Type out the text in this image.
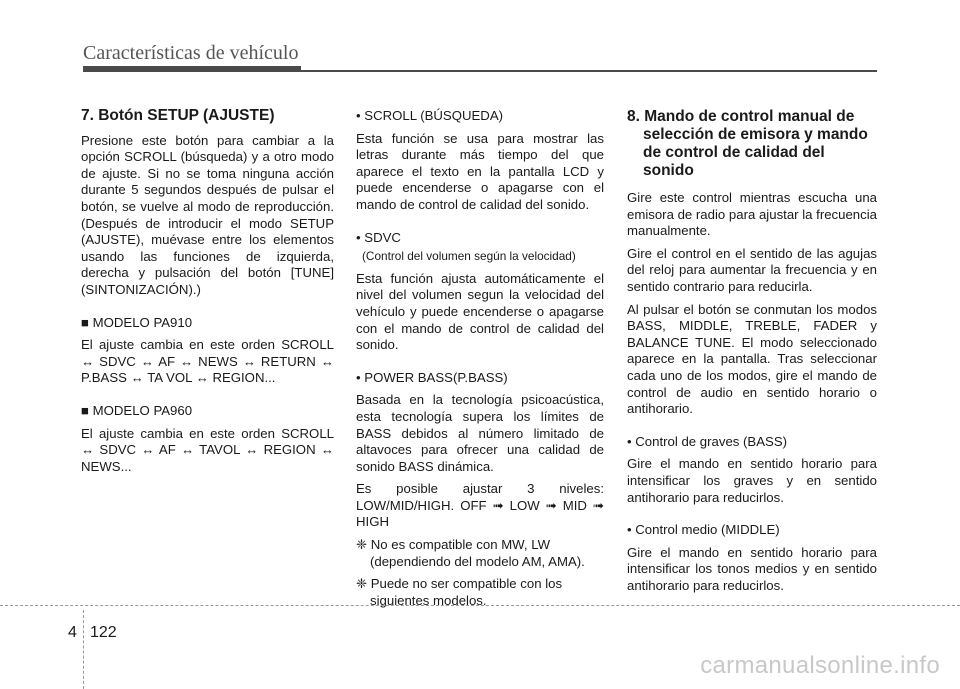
Características de vehículo
7. Botón SETUP (AJUSTE)

Presione este botón para cambiar a la opción SCROLL (búsqueda) y a otro modo de ajuste. Si no se toma ninguna acción durante 5 segundos después de pulsar el botón, se vuelve al modo de reproducción. (Después de introducir el modo SETUP (AJUSTE), muévase entre los elementos usando las funciones de izquierda, derecha y pulsación del botón [TUNE] (SINTONIZACIÓN).)

■ MODELO PA910

El ajuste cambia en este orden SCROLL ↔ SDVC ↔ AF ↔ NEWS ↔ RETURN ↔ P.BASS ↔ TA VOL ↔ REGION...

■ MODELO PA960

El ajuste cambia en este orden SCROLL ↔ SDVC ↔ AF ↔ TAVOL ↔ REGION ↔ NEWS...

• SCROLL (BÚSQUEDA)

Esta función se usa para mostrar las letras durante más tiempo del que aparece el texto en la pantalla LCD y puede encenderse o apagarse con el mando de control de calidad del sonido.

• SDVC
(Control del volumen según la velocidad)

Esta función ajusta automáticamente el nivel del volumen segun la velocidad del vehículo y puede encenderse o apagarse con el mando de control de calidad del sonido.

• POWER BASS(P.BASS)

Basada en la tecnología psicoacústica, esta tecnología supera los límites de BASS debidos al número limitado de altavoces para ofrecer una calidad de sonido BASS dinámica.

Es posible ajustar 3 niveles: LOW/MID/HIGH. OFF ➟ LOW ➟ MID ➟ HIGH

❈ No es compatible con MW, LW (dependiendo del modelo AM, AMA).

❈ Puede no ser compatible con los siguientes modelos.

8. Mando de control manual de selección de emisora y mando de control de calidad del sonido

Gire este control mientras escucha una emisora de radio para ajustar la frecuencia manualmente.

Gire el control en el sentido de las agujas del reloj para aumentar la frecuencia y en sentido contrario para reducirla.

Al pulsar el botón se conmutan los modos BASS, MIDDLE, TREBLE, FADER y BALANCE TUNE. El modo seleccionado aparece en la pantalla. Tras seleccionar cada uno de los modos, gire el mando de control de audio en sentido horario o antihorario.

• Control de graves (BASS)

Gire el mando en sentido horario para intensificar los graves y en sentido antihorario para reducirlos.

• Control medio (MIDDLE)

Gire el mando en sentido horario para intensificar los tonos medios y en sentido antihorario para reducirlos.

4 122
carmanualsonline.info
